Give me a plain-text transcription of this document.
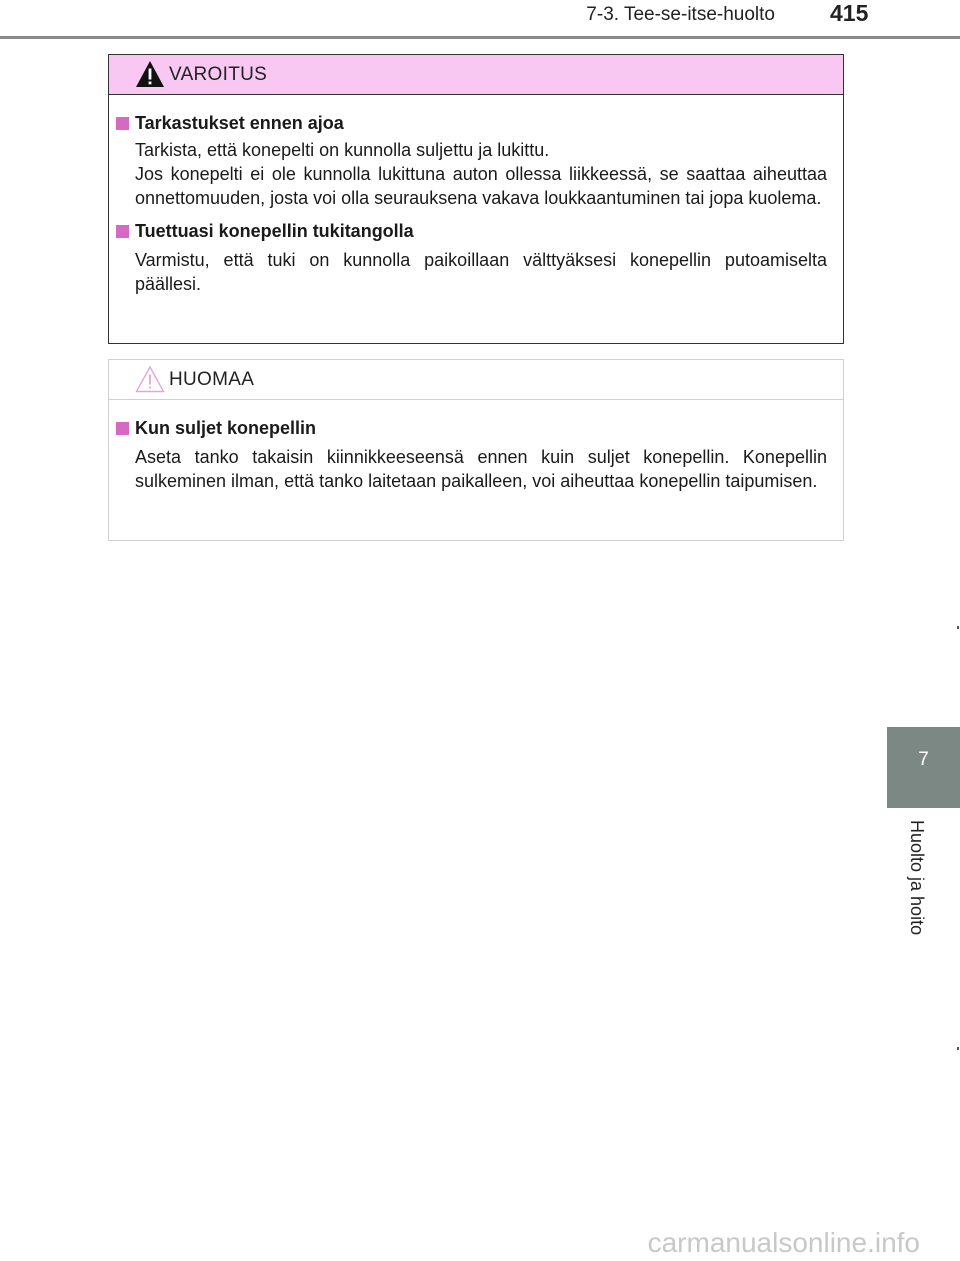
7-3. Tee-se-itse-huolto 415
VAROITUS
Tarkastukset ennen ajoa
Tarkista, että konepelti on kunnolla suljettu ja lukittu.
Jos konepelti ei ole kunnolla lukittuna auton ollessa liikkeessä, se saattaa aiheuttaa onnettomuuden, josta voi olla seurauksena vakava loukkaantuminen tai jopa kuolema.
Tuettuasi konepellin tukitangolla
Varmistu, että tuki on kunnolla paikoillaan välttyäksesi konepellin putoamiselta päällesi.
HUOMAA
Kun suljet konepellin
Aseta tanko takaisin kiinnikkeeseensä ennen kuin suljet konepellin. Konepellin sulkeminen ilman, että tanko laitetaan paikalleen, voi aiheuttaa konepellin taipumisen.
7
Huolto ja hoito
carmanualsonline.info
